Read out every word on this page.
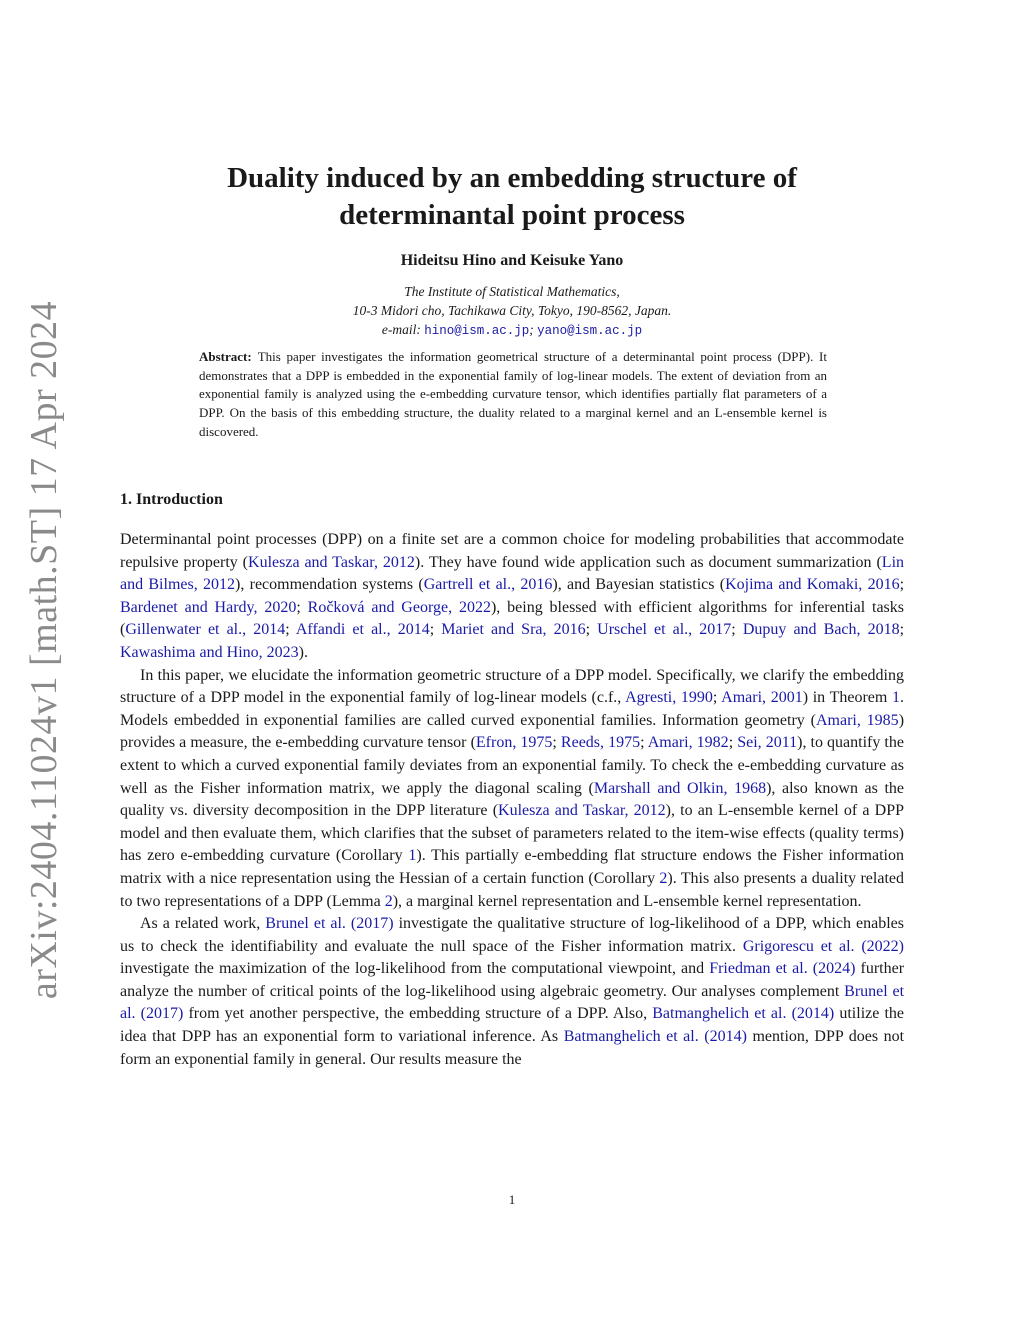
arXiv:2404.11024v1 [math.ST] 17 Apr 2024
Duality induced by an embedding structure of
determinantal point process
Hideitsu Hino and Keisuke Yano
The Institute of Statistical Mathematics,
10-3 Midori cho, Tachikawa City, Tokyo, 190-8562, Japan.
e-mail: hino@ism.ac.jp; yano@ism.ac.jp
Abstract: This paper investigates the information geometrical structure of a determinantal point process (DPP). It demonstrates that a DPP is embedded in the exponential family of log-linear models. The extent of deviation from an exponential family is analyzed using the e-embedding curvature tensor, which identifies partially flat parameters of a DPP. On the basis of this embedding structure, the duality related to a marginal kernel and an L-ensemble kernel is discovered.
1. Introduction

Determinantal point processes (DPP) on a finite set are a common choice for modeling probabilities that accommodate repulsive property (Kulesza and Taskar, 2012). They have found wide application such as document summarization (Lin and Bilmes, 2012), recommendation systems (Gartrell et al., 2016), and Bayesian statistics (Kojima and Komaki, 2016; Bardenet and Hardy, 2020; Ročková and George, 2022), being blessed with efficient algorithms for inferential tasks (Gillenwater et al., 2014; Affandi et al., 2014; Mariet and Sra, 2016; Urschel et al., 2017; Dupuy and Bach, 2018; Kawashima and Hino, 2023).

In this paper, we elucidate the information geometric structure of a DPP model. Specifically, we clarify the embedding structure of a DPP model in the exponential family of log-linear models (c.f., Agresti, 1990; Amari, 2001) in Theorem 1. Models embedded in exponential families are called curved exponential families. Information geometry (Amari, 1985) provides a measure, the e-embedding curvature tensor (Efron, 1975; Reeds, 1975; Amari, 1982; Sei, 2011), to quantify the extent to which a curved exponential family deviates from an exponential family. To check the e-embedding curvature as well as the Fisher information matrix, we apply the diagonal scaling (Marshall and Olkin, 1968), also known as the quality vs. diversity decomposition in the DPP literature (Kulesza and Taskar, 2012), to an L-ensemble kernel of a DPP model and then evaluate them, which clarifies that the subset of parameters related to the item-wise effects (quality terms) has zero e-embedding curvature (Corollary 1). This partially e-embedding flat structure endows the Fisher information matrix with a nice representation using the Hessian of a certain function (Corollary 2). This also presents a duality related to two representations of a DPP (Lemma 2), a marginal kernel representation and L-ensemble kernel representation.

As a related work, Brunel et al. (2017) investigate the qualitative structure of log-likelihood of a DPP, which enables us to check the identifiability and evaluate the null space of the Fisher information matrix. Grigorescu et al. (2022) investigate the maximization of the log-likelihood from the computational viewpoint, and Friedman et al. (2024) further analyze the number of critical points of the log-likelihood using algebraic geometry. Our analyses complement Brunel et al. (2017) from yet another perspective, the embedding structure of a DPP. Also, Batmanghelich et al. (2014) utilize the idea that DPP has an exponential form to variational inference. As Batmanghelich et al. (2014) mention, DPP does not form an exponential family in general. Our results measure the

1
